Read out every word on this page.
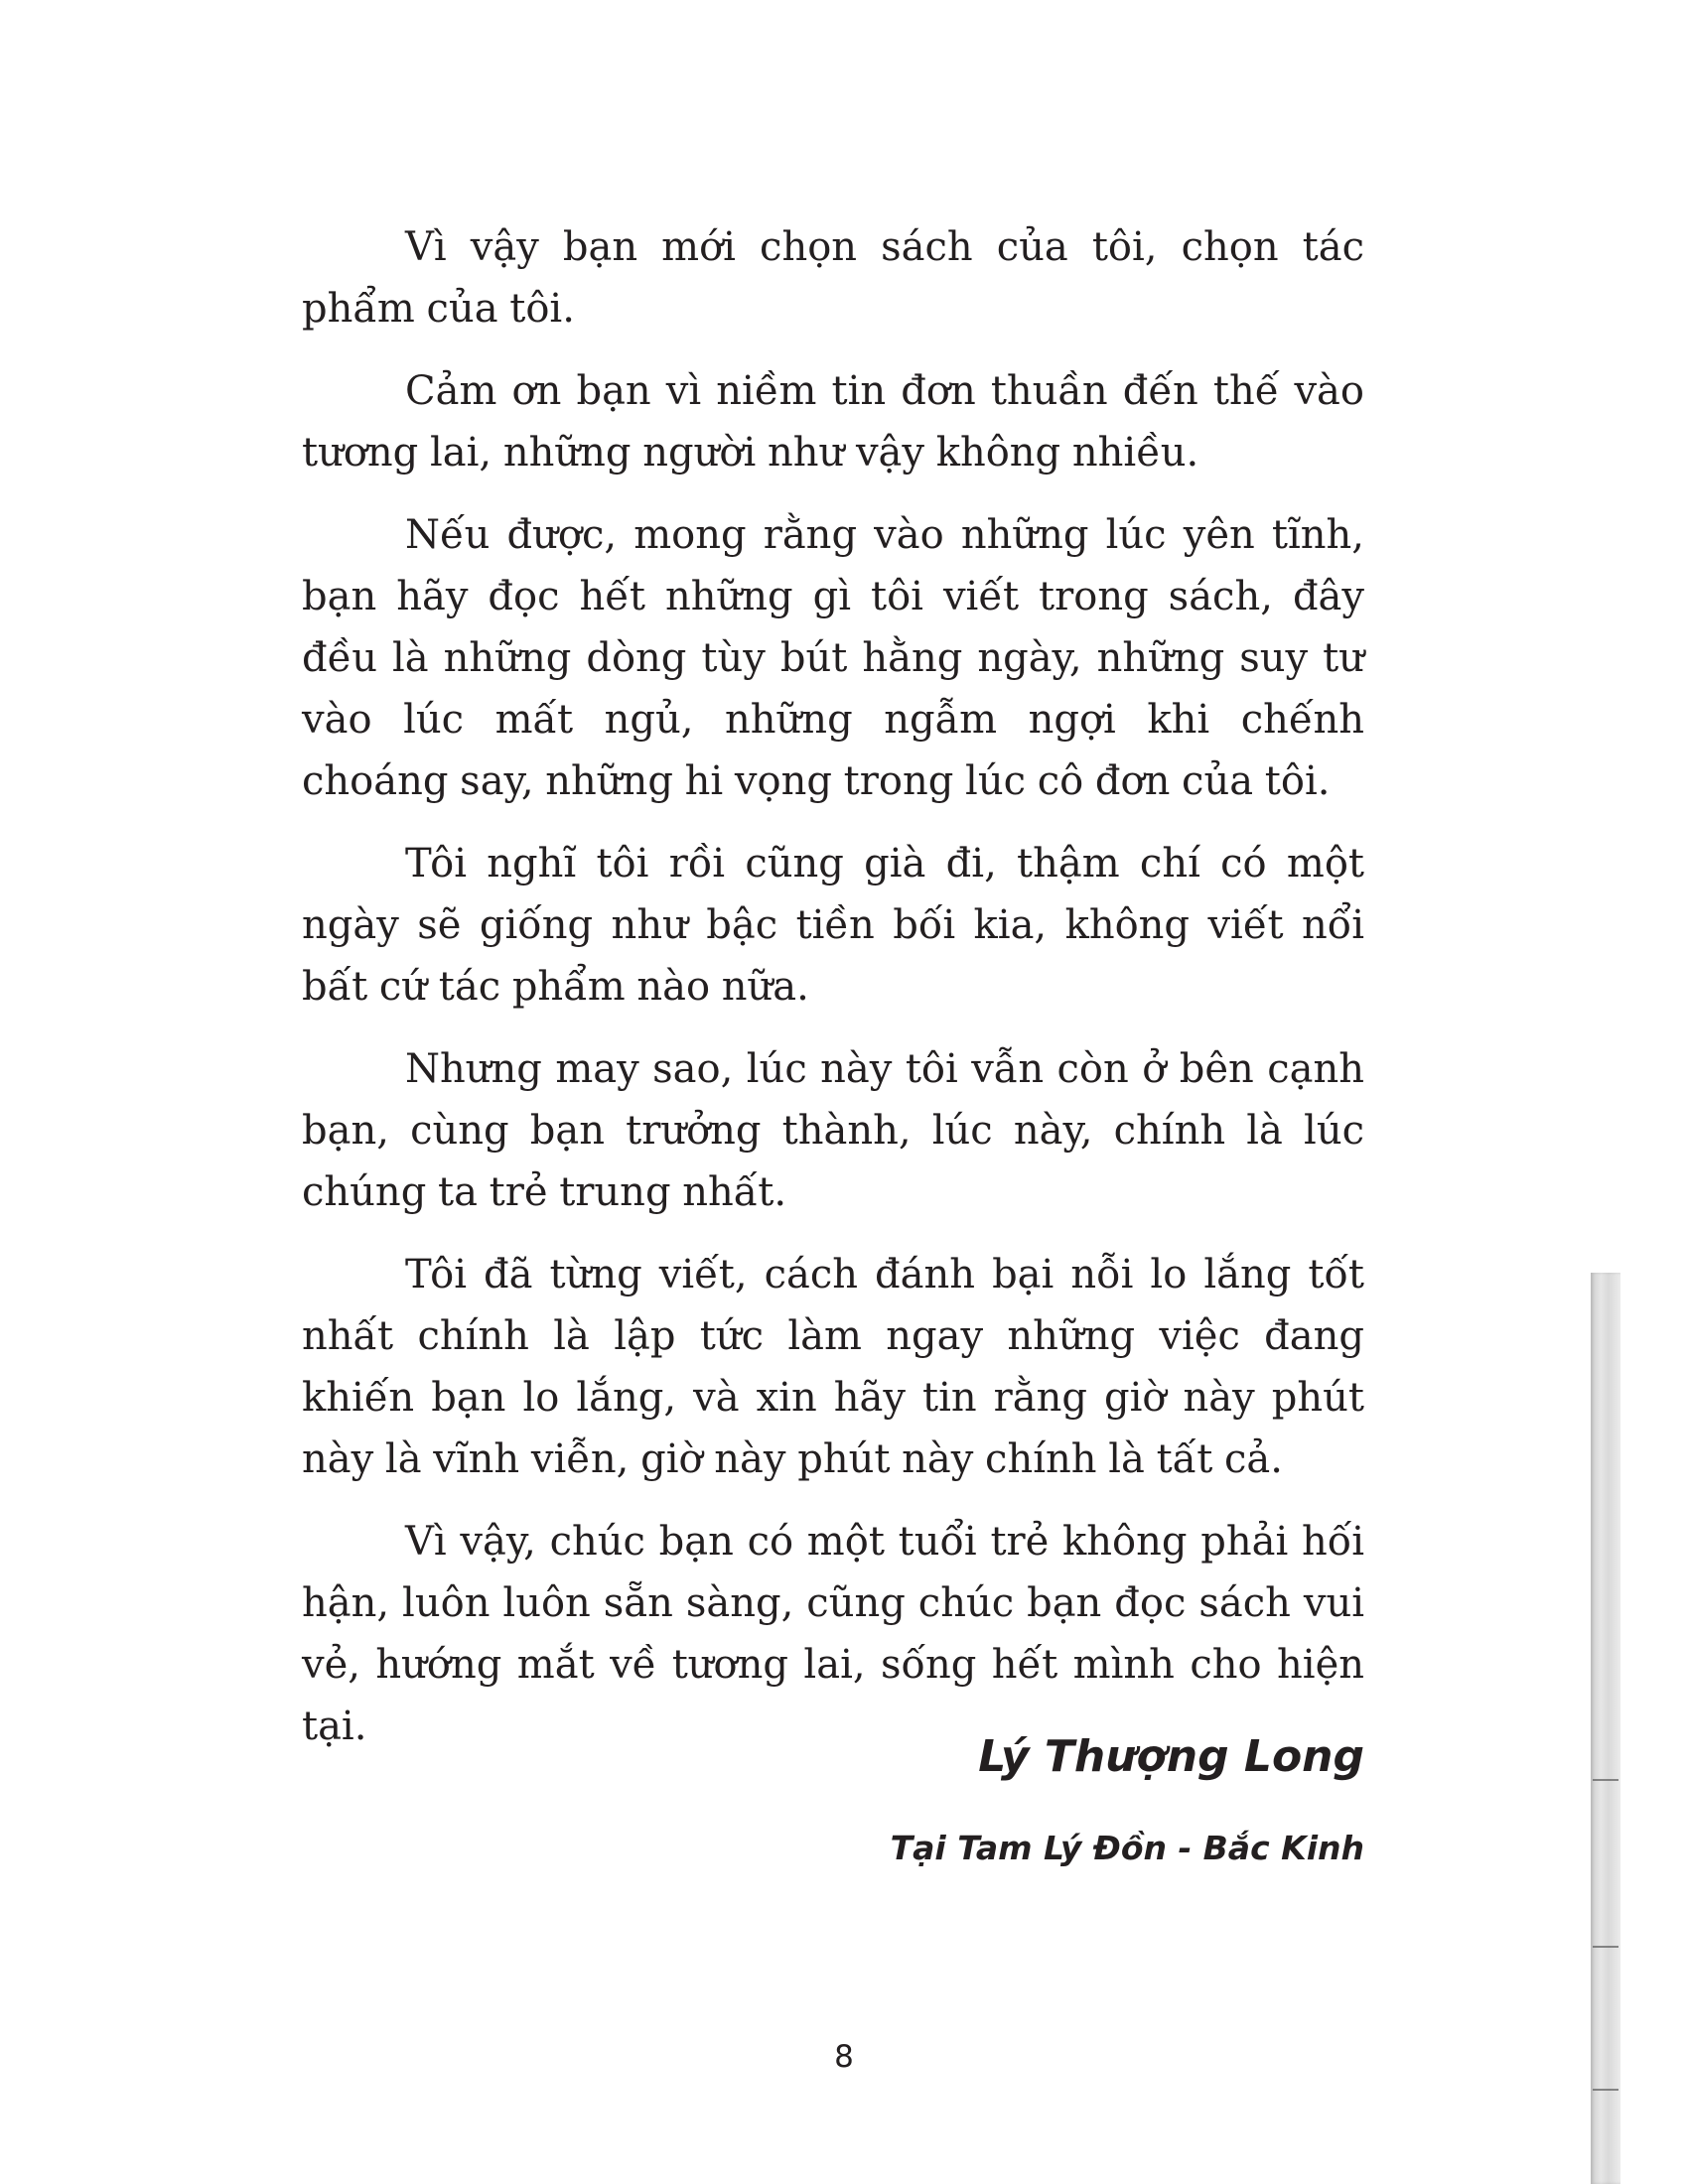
Vì vậy bạn mới chọn sách của tôi, chọn tác phẩm của tôi.

Cảm ơn bạn vì niềm tin đơn thuần đến thế vào tương lai, những người như vậy không nhiều.

Nếu được, mong rằng vào những lúc yên tĩnh, bạn hãy đọc hết những gì tôi viết trong sách, đây đều là những dòng tùy bút hằng ngày, những suy tư vào lúc mất ngủ, những ngẫm ngợi khi chếnh choáng say, những hi vọng trong lúc cô đơn của tôi.

Tôi nghĩ tôi rồi cũng già đi, thậm chí có một ngày sẽ giống như bậc tiền bối kia, không viết nổi bất cứ tác phẩm nào nữa.

Nhưng may sao, lúc này tôi vẫn còn ở bên cạnh bạn, cùng bạn trưởng thành, lúc này, chính là lúc chúng ta trẻ trung nhất.

Tôi đã từng viết, cách đánh bại nỗi lo lắng tốt nhất chính là lập tức làm ngay những việc đang khiến bạn lo lắng, và xin hãy tin rằng giờ này phút này là vĩnh viễn, giờ này phút này chính là tất cả.

Vì vậy, chúc bạn có một tuổi trẻ không phải hối hận, luôn luôn sẵn sàng, cũng chúc bạn đọc sách vui vẻ, hướng mắt về tương lai, sống hết mình cho hiện tại.

Lý Thượng Long
Tại Tam Lý Đồn - Bắc Kinh
8
